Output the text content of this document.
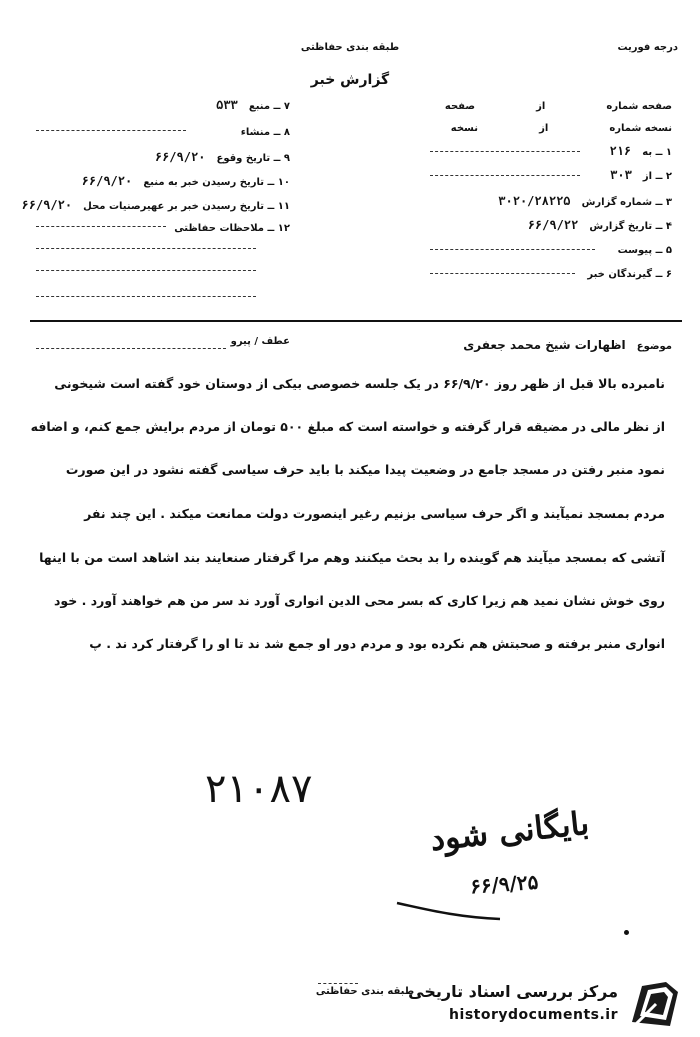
درجه فوریت
طبقه بندی حفاظتی
گزارش خبر
صفحه شماره از صفحه
نسخه شماره از نسخه
۱ ــ به ۲۱۶
۲ ــ از ۳۰۳
۳ ــ شماره گزارش ۳۰۲۰/۲۸۲۲۵
۴ ــ تاریخ گزارش ۶۶/۹/۲۲
۵ ــ پیوست
۶ ــ گیرندگان خبر
۷ ــ منبع ۵۳۳
۸ ــ منشاء
۹ ــ تاریخ وقوع ۶۶/۹/۲۰
۱۰ ــ تاریخ رسیدن خبر به منبع ۶۶/۹/۲۰
۱۱ ــ تاریخ رسیدن خبر بر عهیرصنیات محل ۶۶/۹/۲۰
۱۲ ــ ملاحظات حفاظتی
موضوع اظهارات شیخ محمد جعفری
عطف / پیرو
نامبرده بالا قبل از ظهر روز ۶۶/۹/۲۰ در یک جلسه خصوصی بیکی از دوستان خود گفته است شیخونی
از نظر مالی در مضیقه قرار گرفته و خواسته است که مبلغ ۵۰۰ تومان از مردم برایش جمع کنم، و اضافه
نمود منبر رفتن در مسجد جامع در وضعیت پیدا میکند با باید حرف سیاسی گفته نشود در این صورت
مردم بمسجد نمیآیند و اگر حرف سیاسی بزنیم رغیر اینصورت دولت ممانعت میکند . این چند نفر
آتشی که بمسجد میآیند هم گوینده را بد بحث میکنند وهم مرا گرفتار صنعایند بند اشاهد است من با اینها
روی خوش نشان نمید هم زیرا کاری که بسر محی الدین انواری آورد ند سر من هم خواهند آورد . خود
انواری منبر برفته و صحبتش هم نکرده بود و مردم دور او جمع شد ند تا او را گرفتار کرد ند . پ
۲۱۰۸۷
بایگانی شود
۶۶/۹/۲۵
طبقه بندی حفاظتی
مرکز بررسی اسناد تاریخی
historydocuments.ir
